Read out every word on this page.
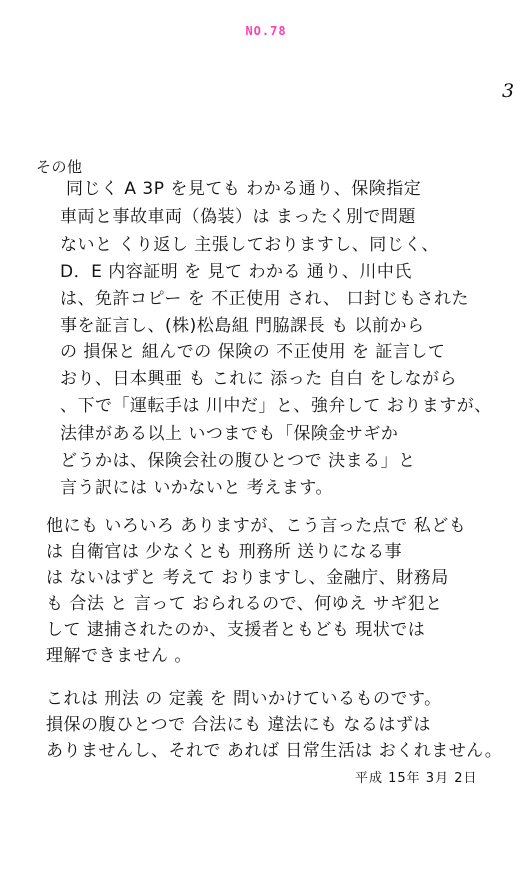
NO.78
3
その他
同じく A 3P を見ても わかる通り、保険指定
車両と事故車両（偽装）は まったく別で問題
ないと くり返し 主張しておりますし、同じく、
D．E 内容証明 を 見て わかる 通り、川中氏
は、免許コピー を 不正使用 され、 口封じもされた
事を証言し、(株)松島組 門脇課長 も 以前から
の 損保と 組んでの 保険の 不正使用 を 証言して
おり、日本興亜 も これに 添った 自白 をしながら
、下で「運転手は 川中だ」と、強弁して おりますが、
法律がある以上 いつまでも「保険金サギか
どうかは、保険会社の腹ひとつで 決まる」と
言う訳には いかないと 考えます。
他にも いろいろ ありますが、こう言った点で 私ども
は 自衛官は 少なくとも 刑務所 送りになる事
は ないはずと 考えて おりますし、金融庁、財務局
も 合法 と 言って おられるので、何ゆえ サギ犯と
して 逮捕されたのか、支援者ともども 現状では
理解できません 。
これは 刑法 の 定義 を 問いかけているものです。
損保の腹ひとつで 合法にも 違法にも なるはずは
ありませんし、それで あれば 日常生活は おくれません。
平成 15年 3月 2日
